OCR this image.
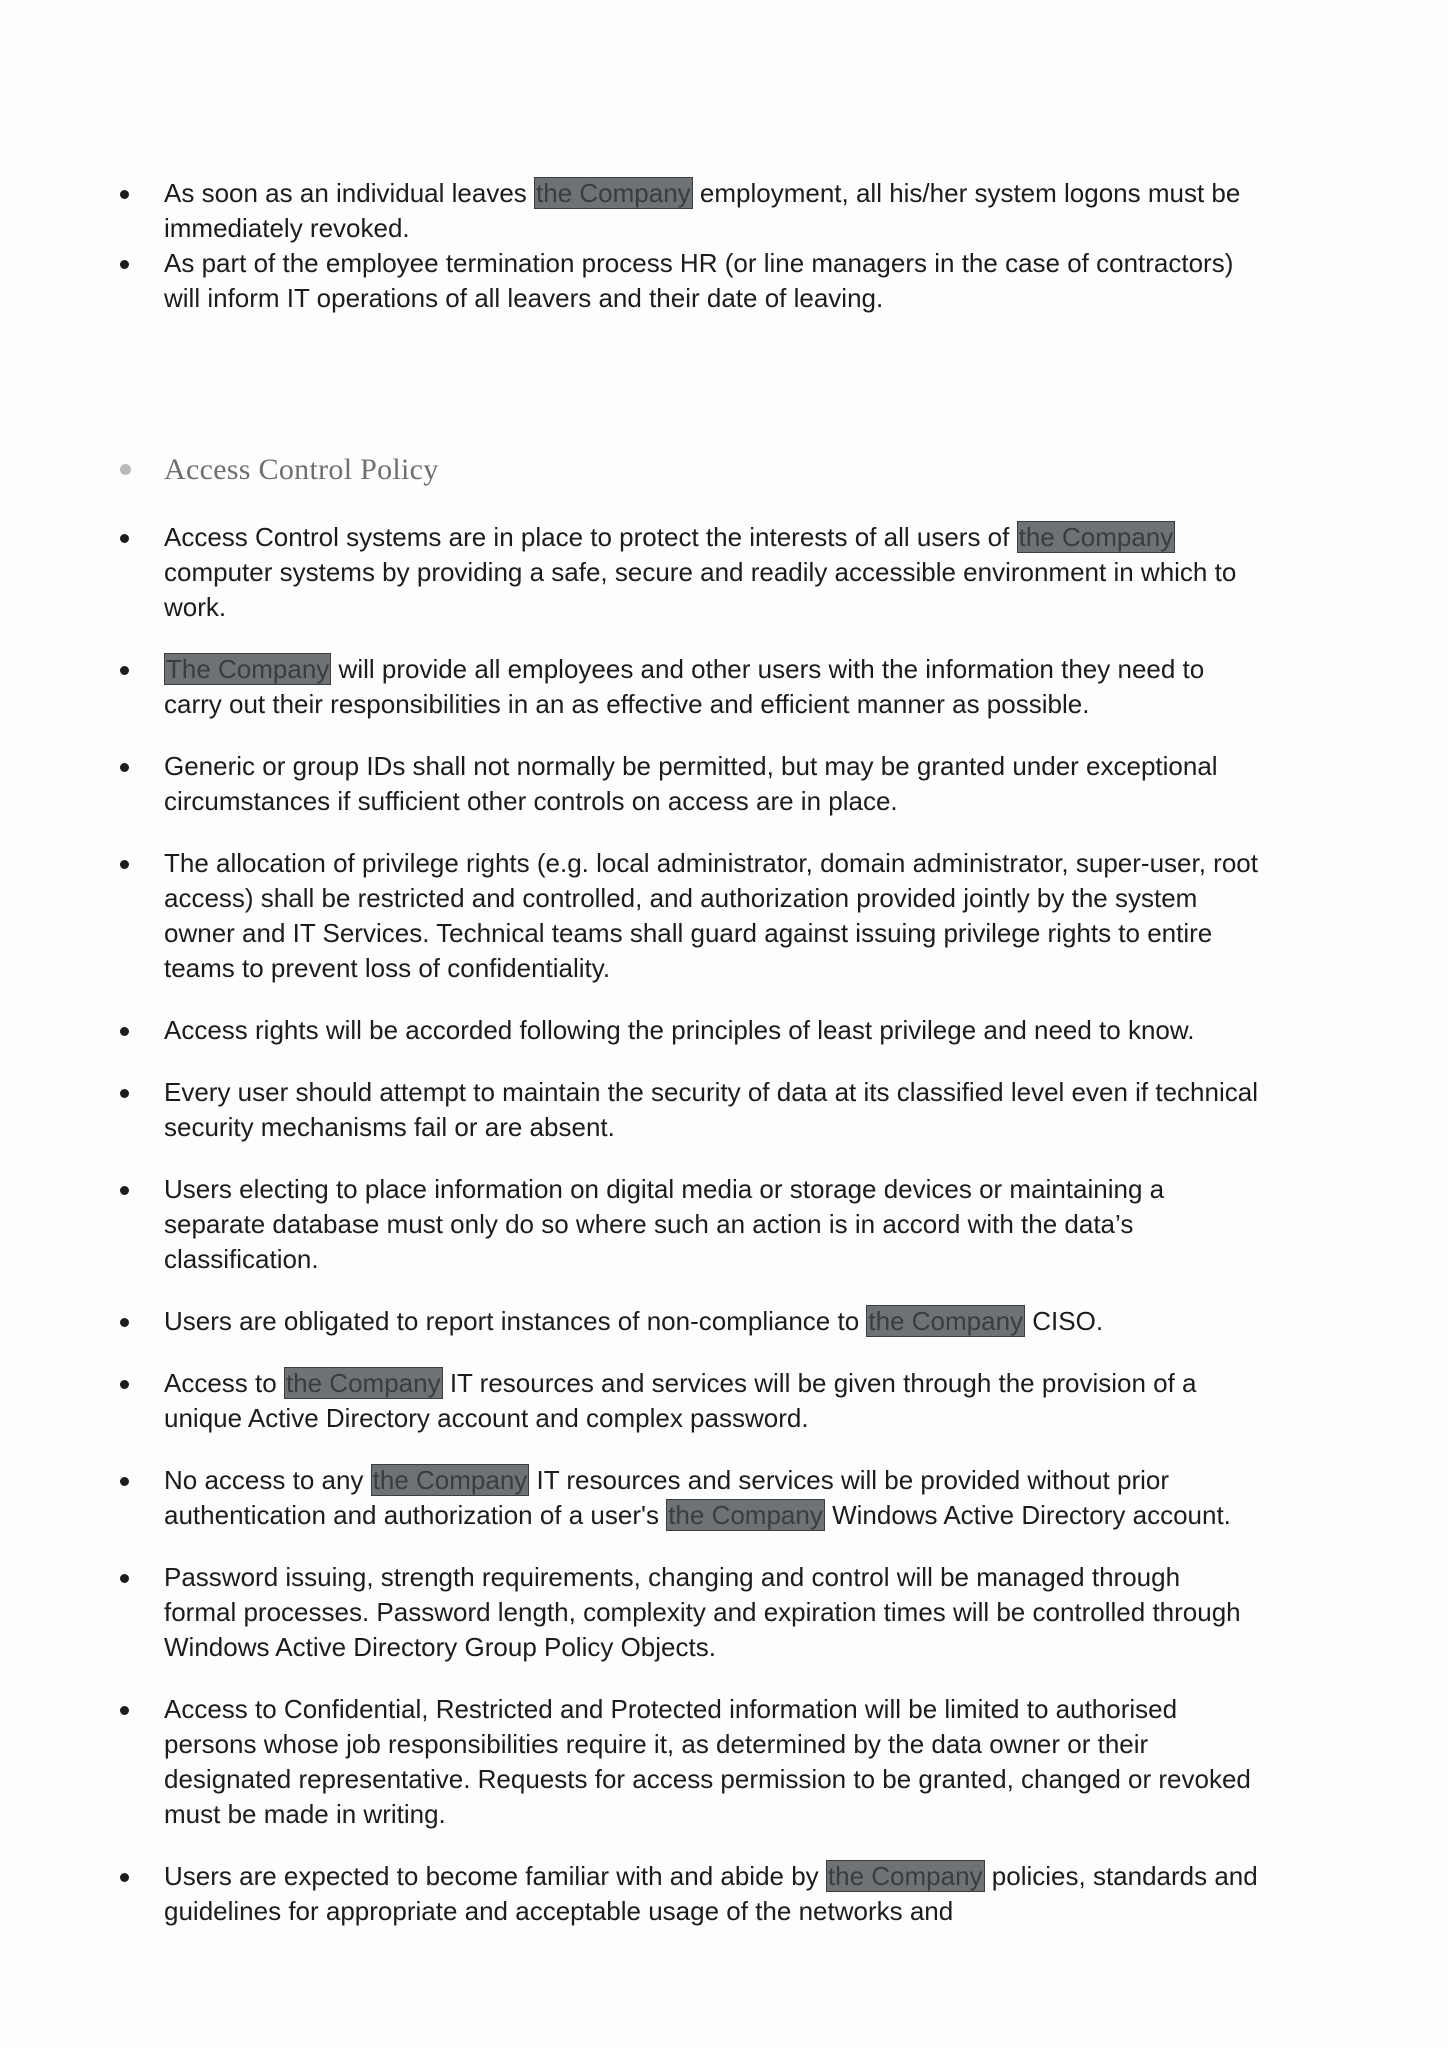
As soon as an individual leaves the Company employment, all his/her system logons must be immediately revoked.
As part of the employee termination process HR (or line managers in the case of contractors) will inform IT operations of all leavers and their date of leaving.
Access Control Policy
Access Control systems are in place to protect the interests of all users of the Company computer systems by providing a safe, secure and readily accessible environment in which to work.
The Company will provide all employees and other users with the information they need to carry out their responsibilities in an as effective and efficient manner as possible.
Generic or group IDs shall not normally be permitted, but may be granted under exceptional circumstances if sufficient other controls on access are in place.
The allocation of privilege rights (e.g. local administrator, domain administrator, super-user, root access) shall be restricted and controlled, and authorization provided jointly by the system owner and IT Services. Technical teams shall guard against issuing privilege rights to entire teams to prevent loss of confidentiality.
Access rights will be accorded following the principles of least privilege and need to know.
Every user should attempt to maintain the security of data at its classified level even if technical security mechanisms fail or are absent.
Users electing to place information on digital media or storage devices or maintaining a separate database must only do so where such an action is in accord with the data’s classification.
Users are obligated to report instances of non-compliance to the Company CISO.
Access to the Company IT resources and services will be given through the provision of a unique Active Directory account and complex password.
No access to any the Company IT resources and services will be provided without prior authentication and authorization of a user's the Company Windows Active Directory account.
Password issuing, strength requirements, changing and control will be managed through formal processes. Password length, complexity and expiration times will be controlled through Windows Active Directory Group Policy Objects.
Access to Confidential, Restricted and Protected information will be limited to authorised persons whose job responsibilities require it, as determined by the data owner or their designated representative. Requests for access permission to be granted, changed or revoked must be made in writing.
Users are expected to become familiar with and abide by the Company policies, standards and guidelines for appropriate and acceptable usage of the networks and
